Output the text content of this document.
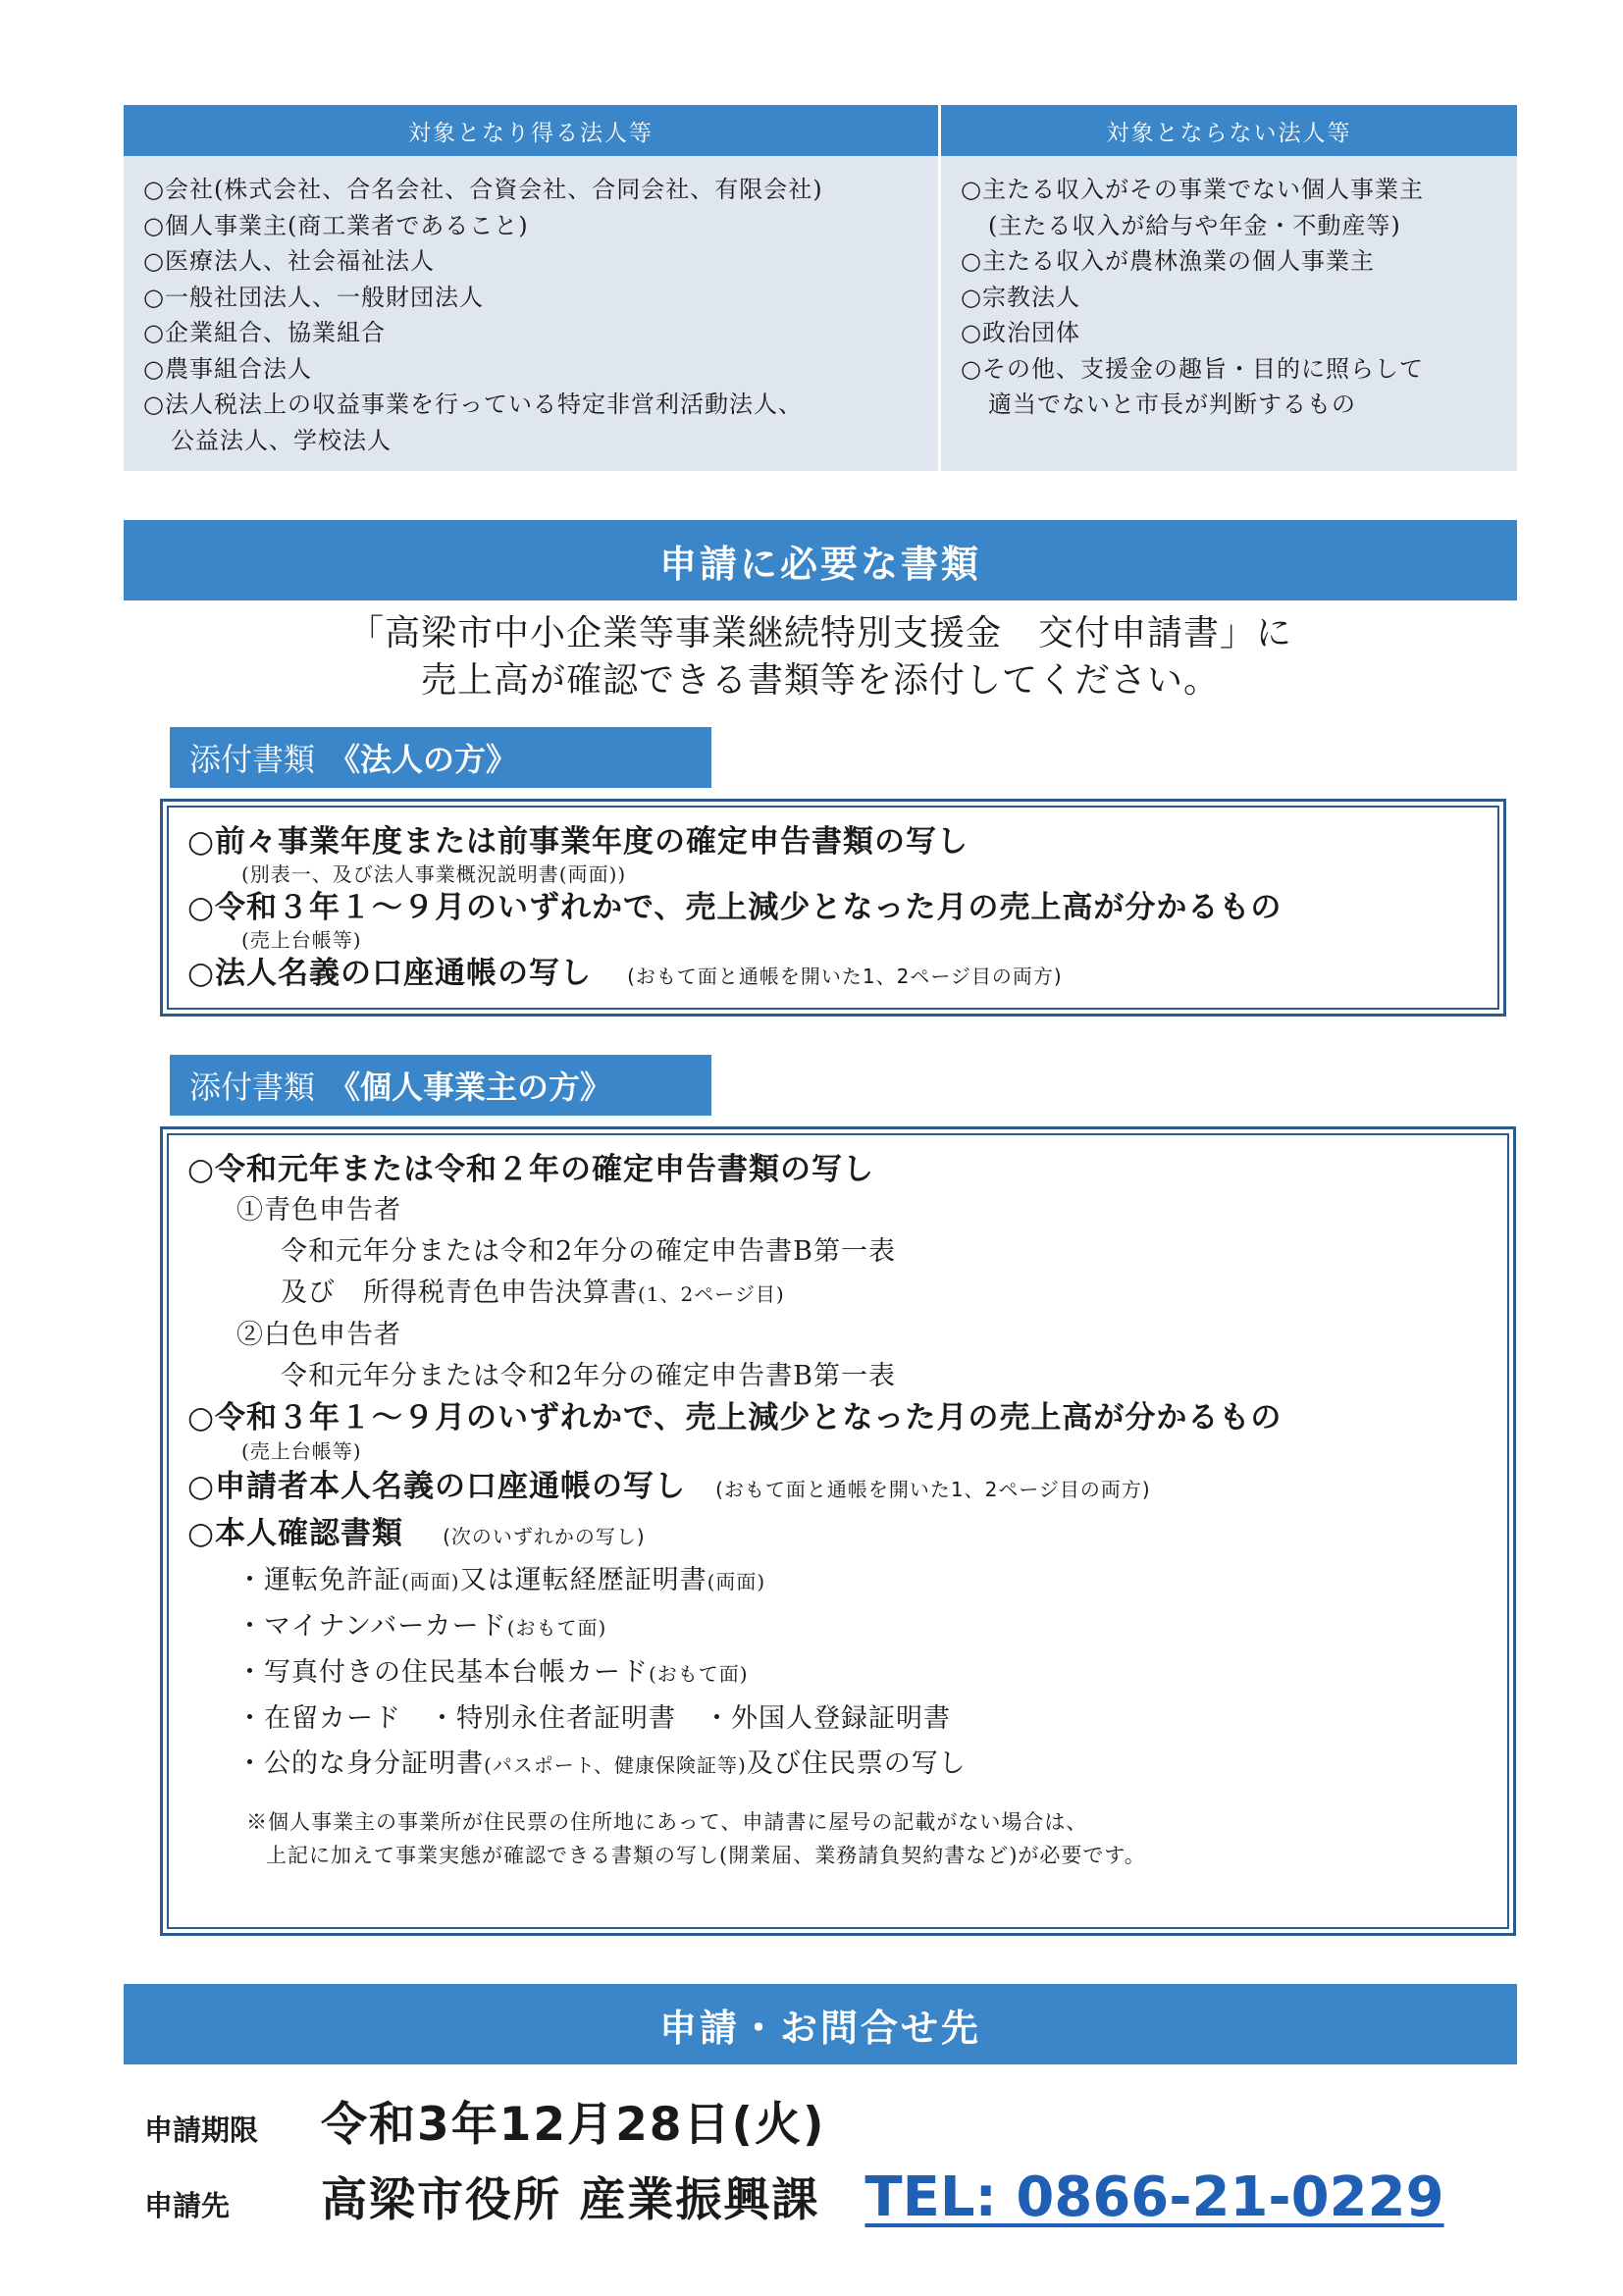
対象となり得る法人等
○会社(株式会社、合名会社、合資会社、合同会社、有限会社)
○個人事業主(商工業者であること)
○医療法人、社会福祉法人
○一般社団法人、一般財団法人
○企業組合、協業組合
○農事組合法人
○法人税法上の収益事業を行っている特定非営利活動法人、
公益法人、学校法人
対象とならない法人等
○主たる収入がその事業でない個人事業主
(主たる収入が給与や年金・不動産等)
○主たる収入が農林漁業の個人事業主
○宗教法人
○政治団体
○その他、支援金の趣旨・目的に照らして
適当でないと市長が判断するもの
申請に必要な書類
「高梁市中小企業等事業継続特別支援金　交付申請書」に
売上高が確認できる書類等を添付してください。
添付書類 《法人の方》
○前々事業年度または前事業年度の確定申告書類の写し
(別表一、及び法人事業概況説明書(両面))
○令和３年１～９月のいずれかで、売上減少となった月の売上高が分かるもの
(売上台帳等)
○法人名義の口座通帳の写し (おもて面と通帳を開いた1、2ページ目の両方)
添付書類 《個人事業主の方》
○令和元年または令和２年の確定申告書類の写し
①青色申告者
令和元年分または令和2年分の確定申告書B第一表
及び　所得税青色申告決算書(1、2ページ目)
②白色申告者
令和元年分または令和2年分の確定申告書B第一表
○令和３年１～９月のいずれかで、売上減少となった月の売上高が分かるもの
(売上台帳等)
○申請者本人名義の口座通帳の写し (おもて面と通帳を開いた1、2ページ目の両方)
○本人確認書類 (次のいずれかの写し)
・運転免許証(両面)又は運転経歴証明書(両面)
・マイナンバーカード(おもて面)
・写真付きの住民基本台帳カード(おもて面)
・在留カード　・特別永住者証明書　・外国人登録証明書
・公的な身分証明書(パスポート、健康保険証等)及び住民票の写し
※個人事業主の事業所が住民票の住所地にあって、申請書に屋号の記載がない場合は、
上記に加えて事業実態が確認できる書類の写し(開業届、業務請負契約書など)が必要です。
申請・お問合せ先
申請期限	令和3年12月28日(火)
申請先	高梁市役所 産業振興課 TEL: 0866-21-0229
